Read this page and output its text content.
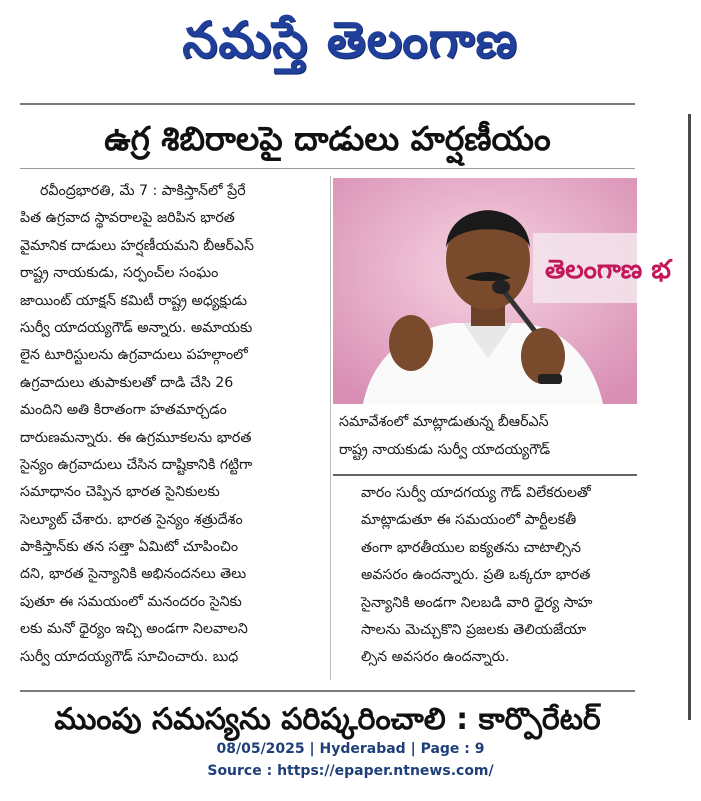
నమస్తే తెలంగాణ
ఉగ్ర శిబిరాలపై దాడులు హర్షణీయం
రవీంద్రభారతి, మే 7 : పాకిస్తాన్‌లో ప్రేరే
పిత ఉగ్రవాద స్థావరాలపై జరిపిన భారత
వైమానిక దాడులు హర్షణీయమని బీఆర్‌ఎస్
రాష్ట్ర నాయకుడు, సర్పంచ్‌ల సంఘం
జాయింట్ యాక్షన్ కమిటీ రాష్ట్ర అధ్యక్షుడు
సుర్వీ యాదయ్యగౌడ్ అన్నారు. అమాయకు
లైన టూరిస్టులను ఉగ్రవాదులు పహల్గాంలో
ఉగ్రవాదులు తుపాకులతో దాడి చేసి 26
మందిని అతి కిరాతంగా హతమార్చడం
దారుణమన్నారు. ఈ ఉగ్రమూకలను భారత
సైన్యం ఉగ్రవాదులు చేసిన దాష్టికానికి గట్టిగా
సమాధానం చెప్పిన భారత సైనికులకు
సెల్యూట్ చేశారు. భారత సైన్యం శత్రుదేశం
పాకిస్తాన్‌కు తన సత్తా ఏమిటో చూపించిం
దని, భారత సైన్యానికి అభినందనలు తెలు
పుతూ ఈ సమయంలో మనందరం సైనికు
లకు మనో ధైర్యం ఇచ్చి అండగా నిలవాలని
సుర్వీ యాదయ్యగౌడ్ సూచించారు. బుధ
తెలంగాణ భ
సమావేశంలో మాట్లాడుతున్న బీఆర్‌ఎస్
రాష్ట్ర నాయకుడు సుర్వీ యాదయ్యగౌడ్
వారం సుర్వీ యాదగయ్య గౌడ్ విలేకరులతో
మాట్లాడుతూ ఈ సమయంలో పార్టీలకతీ
తంగా భారతీయుల ఐక్యతను చాటాల్సిన
అవసరం ఉందన్నారు. ప్రతి ఒక్కరూ భారత
సైన్యానికి అండగా నిలబడి వారి ధైర్య సాహ
సాలను మెచ్చుకొని ప్రజలకు తెలియజేయా
ల్సిన అవసరం ఉందన్నారు.
ముంపు సమస్యను పరిష్కరించాలి : కార్పొరేటర్
08/05/2025 | Hyderabad | Page : 9
Source : https://epaper.ntnews.com/
